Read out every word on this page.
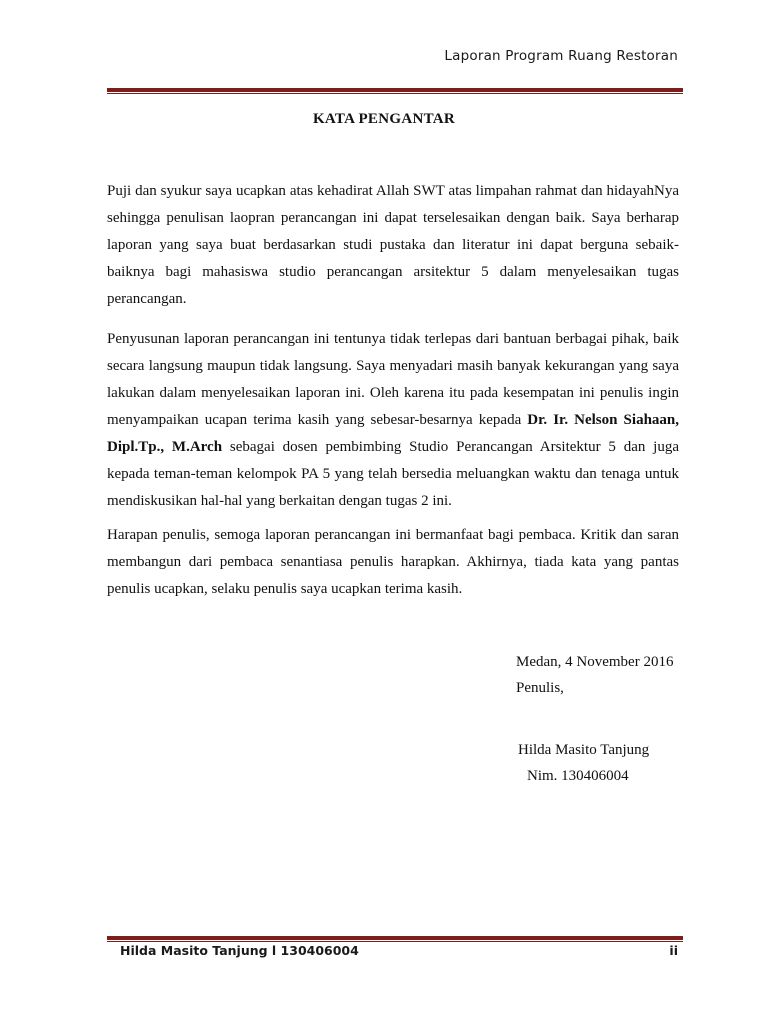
Laporan Program Ruang Restoran
KATA PENGANTAR

Puji dan syukur saya ucapkan atas kehadirat Allah SWT atas limpahan rahmat dan hidayahNya sehingga penulisan laopran perancangan ini dapat terselesaikan dengan baik. Saya berharap laporan yang saya buat berdasarkan studi pustaka dan literatur ini dapat berguna sebaik-baiknya bagi mahasiswa studio perancangan arsitektur 5 dalam menyelesaikan tugas perancangan.

Penyusunan laporan perancangan ini tentunya tidak terlepas dari bantuan berbagai pihak, baik secara langsung maupun tidak langsung. Saya menyadari masih banyak kekurangan yang saya lakukan dalam menyelesaikan laporan ini. Oleh karena itu pada kesempatan ini penulis ingin menyampaikan ucapan terima kasih yang sebesar-besarnya kepada Dr. Ir. Nelson Siahaan, Dipl.Tp., M.Arch sebagai dosen pembimbing Studio Perancangan Arsitektur 5 dan juga kepada teman-teman kelompok PA 5 yang telah bersedia meluangkan waktu dan tenaga untuk mendiskusikan hal-hal yang berkaitan dengan tugas 2 ini.

Harapan penulis, semoga laporan perancangan ini bermanfaat bagi pembaca. Kritik dan saran membangun dari pembaca senantiasa penulis harapkan. Akhirnya, tiada kata yang pantas penulis ucapkan, selaku penulis saya ucapkan terima kasih.

Medan, 4 November 2016
Penulis,
Hilda Masito Tanjung
Nim. 130406004
Hilda Masito Tanjung l 130406004	ii
